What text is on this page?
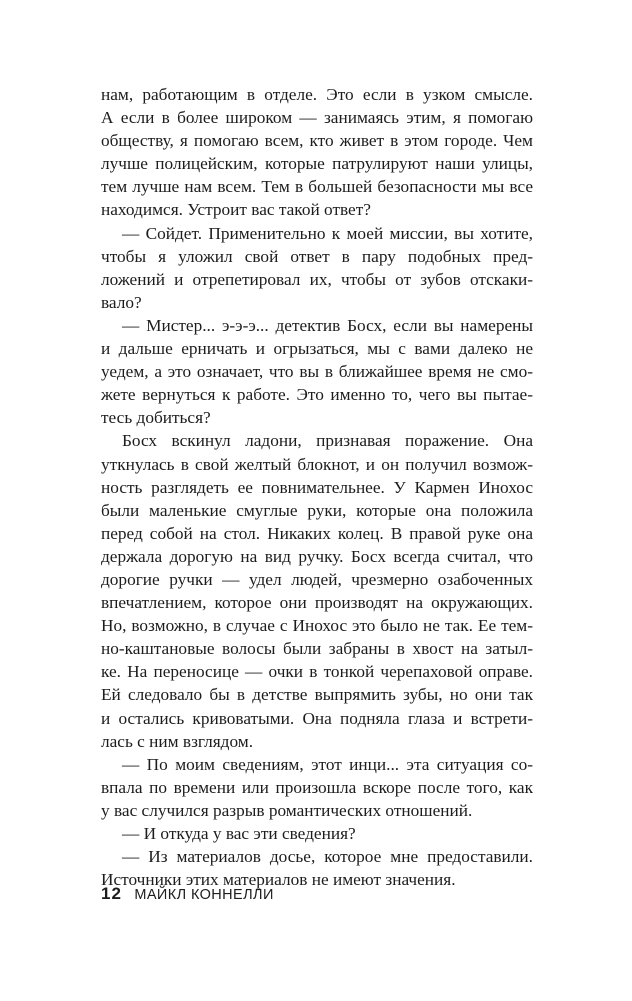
нам, работающим в отделе. Это если в узком смысле.
А если в более широком — занимаясь этим, я помогаю
обществу, я помогаю всем, кто живет в этом городе. Чем
лучше полицейским, которые патрулируют наши улицы,
тем лучше нам всем. Тем в большей безопасности мы все
находимся. Устроит вас такой ответ?
— Сойдет. Применительно к моей миссии, вы хотите,
чтобы я уложил свой ответ в пару подобных пред-
ложений и отрепетировал их, чтобы от зубов отскаки-
вало?
— Мистер... э-э-э... детектив Босх, если вы намерены
и дальше ерничать и огрызаться, мы с вами далеко не
уедем, а это означает, что вы в ближайшее время не смо-
жете вернуться к работе. Это именно то, чего вы пытае-
тесь добиться?
Босх вскинул ладони, признавая поражение. Она
уткнулась в свой желтый блокнот, и он получил возмож-
ность разглядеть ее повнимательнее. У Кармен Инохос
были маленькие смуглые руки, которые она положила
перед собой на стол. Никаких колец. В правой руке она
держала дорогую на вид ручку. Босх всегда считал, что
дорогие ручки — удел людей, чрезмерно озабоченных
впечатлением, которое они производят на окружающих.
Но, возможно, в случае с Инохос это было не так. Ее тем-
но-каштановые волосы были забраны в хвост на затыл-
ке. На переносице — очки в тонкой черепаховой оправе.
Ей следовало бы в детстве выпрямить зубы, но они так
и остались кривоватыми. Она подняла глаза и встрети-
лась с ним взглядом.
— По моим сведениям, этот инци... эта ситуация со-
впала по времени или произошла вскоре после того, как
у вас случился разрыв романтических отношений.
— И откуда у вас эти сведения?
— Из материалов досье, которое мне предоставили.
Источники этих материалов не имеют значения.
12 МАЙКЛ КОННЕЛЛИ
